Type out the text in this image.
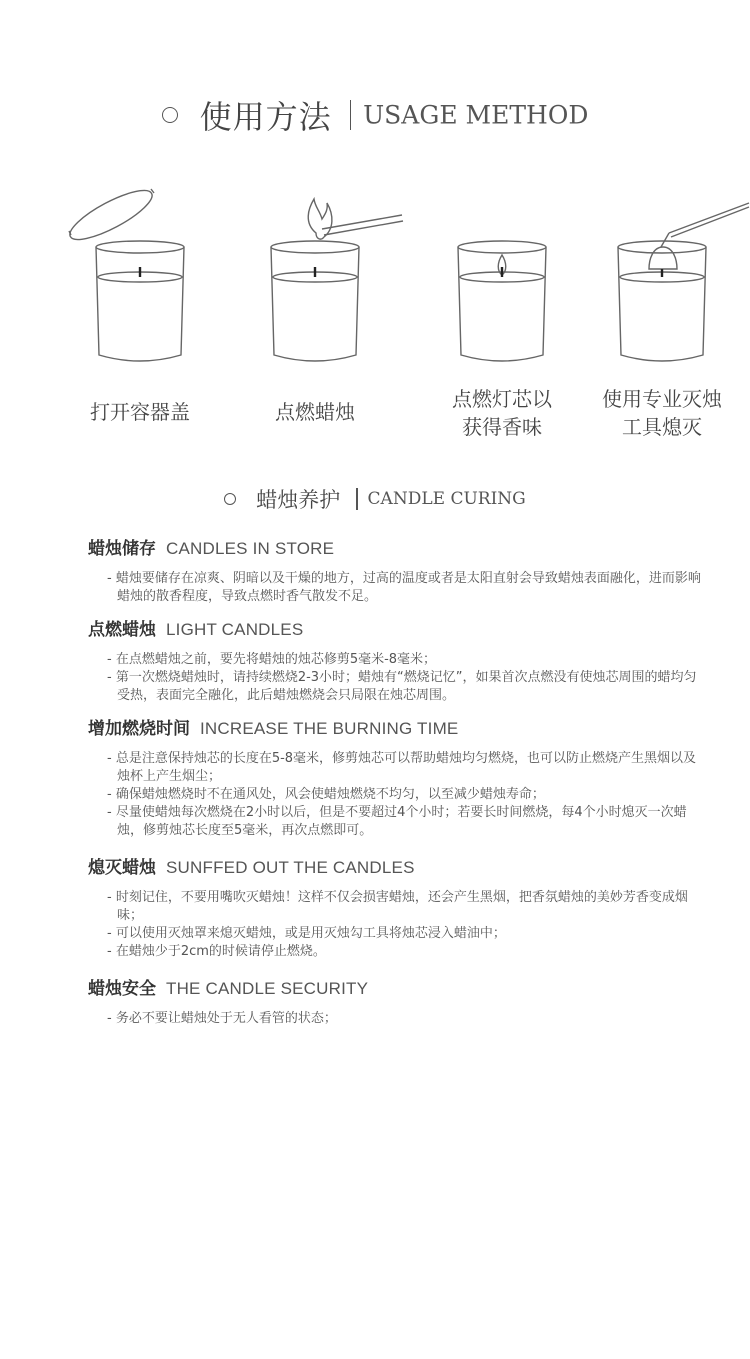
使用方法 USAGE METHOD
打开容器盖	点燃蜡烛
点燃灯芯以
获得香味
使用专业灭烛
工具熄灭
蜡烛养护 CANDLE CURING
蜡烛储存 CANDLES IN STORE

- 蜡烛要储存在凉爽、阴暗以及干燥的地方，过高的温度或者是太阳直射会导致蜡烛表面融化，进而影响蜡烛的散香程度，导致点燃时香气散发不足。

点燃蜡烛 LIGHT CANDLES

- 在点燃蜡烛之前，要先将蜡烛的烛芯修剪5毫米-8毫米；

- 第一次燃烧蜡烛时，请持续燃烧2-3小时；蜡烛有“燃烧记忆”，如果首次点燃没有使烛芯周围的蜡均匀受热，表面完全融化，此后蜡烛燃烧会只局限在烛芯周围。

增加燃烧时间 INCREASE THE BURNING TIME

- 总是注意保持烛芯的长度在5-8毫米，修剪烛芯可以帮助蜡烛均匀燃烧，也可以防止燃烧产生黑烟以及烛杯上产生烟尘；

- 确保蜡烛燃烧时不在通风处，风会使蜡烛燃烧不均匀，以至减少蜡烛寿命；

- 尽量使蜡烛每次燃烧在2小时以后，但是不要超过4个小时；若要长时间燃烧，每4个小时熄灭一次蜡烛，修剪烛芯长度至5毫米，再次点燃即可。

熄灭蜡烛 SUNFFED OUT THE CANDLES

- 时刻记住，不要用嘴吹灭蜡烛！这样不仅会损害蜡烛，还会产生黑烟，把香氛蜡烛的美妙芳香变成烟味；

- 可以使用灭烛罩来熄灭蜡烛，或是用灭烛勾工具将烛芯浸入蜡油中；

- 在蜡烛少于2cm的时候请停止燃烧。

蜡烛安全 THE CANDLE SECURITY

- 务必不要让蜡烛处于无人看管的状态；
